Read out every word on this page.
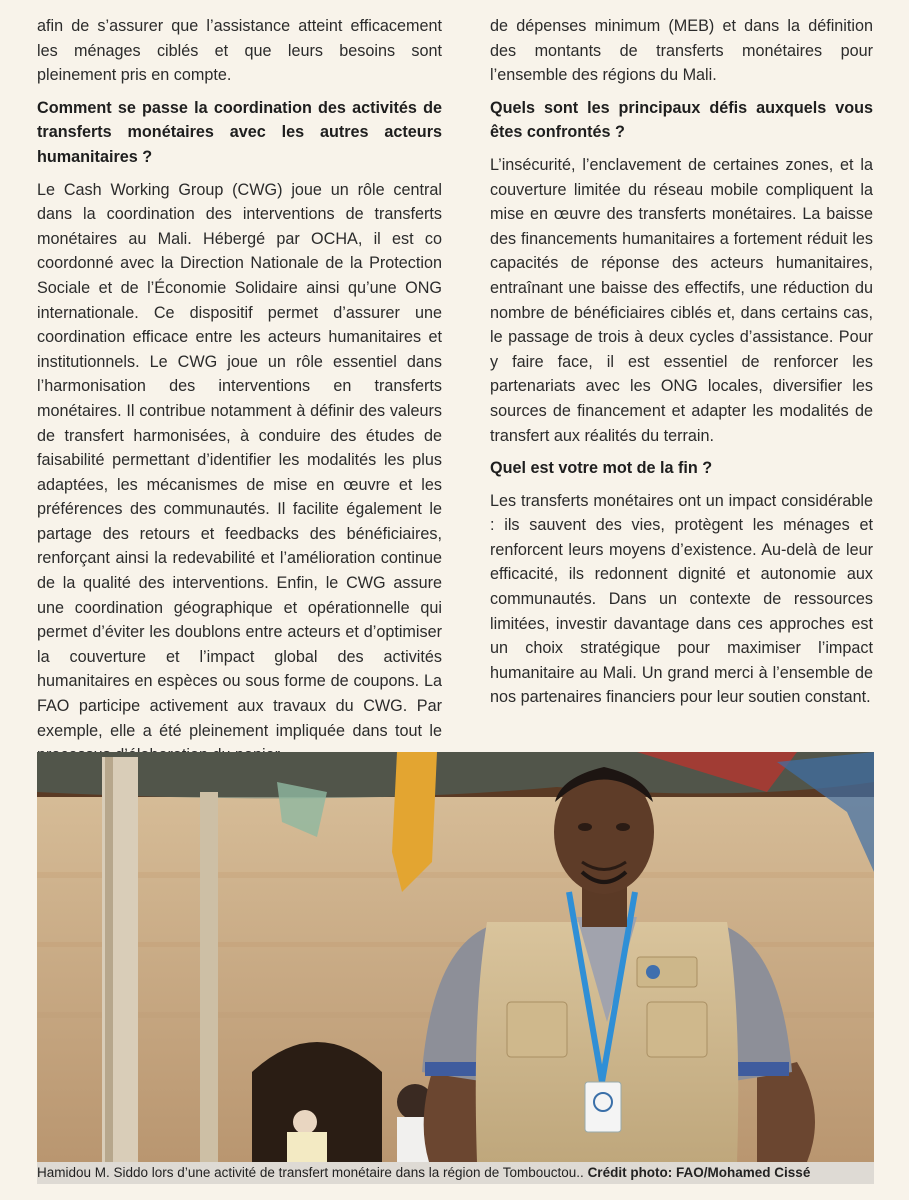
afin de s’assurer que l’assistance atteint efficacement les ménages ciblés et que leurs besoins sont pleinement pris en compte.

Comment se passe la coordination des activités de transferts monétaires avec les autres acteurs humanitaires ?

Le Cash Working Group (CWG) joue un rôle central dans la coordination des interventions de transferts monétaires au Mali. Hébergé par OCHA, il est co coordonné avec la Direction Nationale de la Protection Sociale et de l’Économie Solidaire ainsi qu’une ONG internationale. Ce dispositif permet d’assurer une coordination efficace entre les acteurs humanitaires et institutionnels. Le CWG joue un rôle essentiel dans l’harmonisation des interventions en transferts monétaires. Il contribue notamment à définir des valeurs de transfert harmonisées, à conduire des études de faisabilité permettant d’identifier les modalités les plus adaptées, les mécanismes de mise en œuvre et les préférences des communautés. Il facilite également le partage des retours et feedbacks des bénéficiaires, renforçant ainsi la redevabilité et l’amélioration continue de la qualité des interventions. Enfin, le CWG assure une coordination géographique et opérationnelle qui permet d’éviter les doublons entre acteurs et d’optimiser la couverture et l’impact global des activités humanitaires en espèces ou sous forme de coupons. La FAO participe activement aux travaux du CWG. Par exemple, elle a été pleinement impliquée dans tout le

de dépenses minimum (MEB) et dans la définition des montants de transferts monétaires pour l’ensemble des régions du Mali.

Quels sont les principaux défis auxquels vous êtes confrontés ?

L’insécurité, l’enclavement de certaines zones, et la couverture limitée du réseau mobile compliquent la mise en œuvre des transferts monétaires. La baisse des financements humanitaires a fortement réduit les capacités de réponse des acteurs humanitaires, entraînant une baisse des effectifs, une réduction du nombre de bénéficiaires ciblés et, dans certains cas, le passage de trois à deux cycles d’assistance. Pour y faire face, il est essentiel de renforcer les partenariats avec les ONG locales, diversifier les sources de financement et adapter les modalités de transfert aux réalités du terrain.

Quel est votre mot de la fin ?

Les transferts monétaires ont un impact considérable : ils sauvent des vies, protègent les ménages et renforcent leurs moyens d’existence. Au-delà de leur efficacité, ils redonnent dignité et autonomie aux communautés. Dans un contexte de ressources limitées, investir davantage dans ces approches est un choix stratégique pour maximiser l’impact humanitaire au Mali. Un grand merci à l’ensemble de nos partenaires financiers pour leur soutien constant.

Hamidou M. Siddo lors d’une activité de transfert monétaire dans la région de Tombouctou.. Crédit photo: FAO/Mohamed Cissé
